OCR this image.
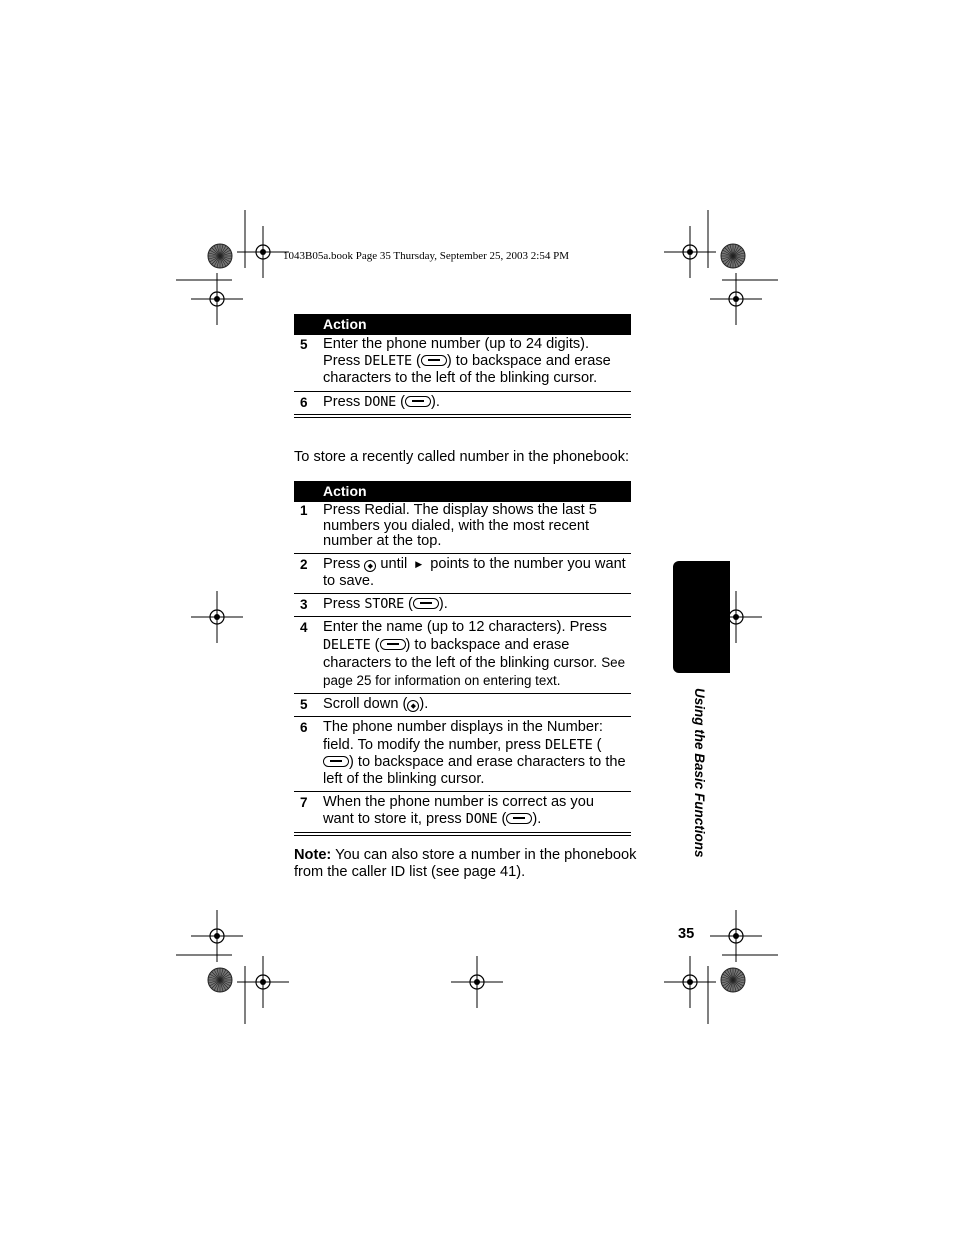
1043B05a.book Page 35 Thursday, September 25, 2003 2:54 PM
Action
5	Enter the phone number (up to 24 digits). Press DELETE ( ) to backspace and erase characters to the left of the blinking cursor.
6	Press DONE ( ).
To store a recently called number in the phonebook:
Action
1	Press Redial. The display shows the last 5 numbers you dialed, with the most recent number at the top.
2	Press ◆ until ▶ points to the number you want to save.
3	Press STORE ( ).
4	Enter the name (up to 12 characters). Press DELETE ( ) to backspace and erase characters to the left of the blinking cursor. See page 25 for information on entering text.
5	Scroll down ( ◆ ).
6	The phone number displays in the Number: field. To modify the number, press DELETE () to backspace and erase characters to the left of the blinking cursor.
7	When the phone number is correct as you want to store it, press DONE ( ).
Note: You can also store a number in the phonebook from the caller ID list (see page 41).
Using the Basic Functions
35
